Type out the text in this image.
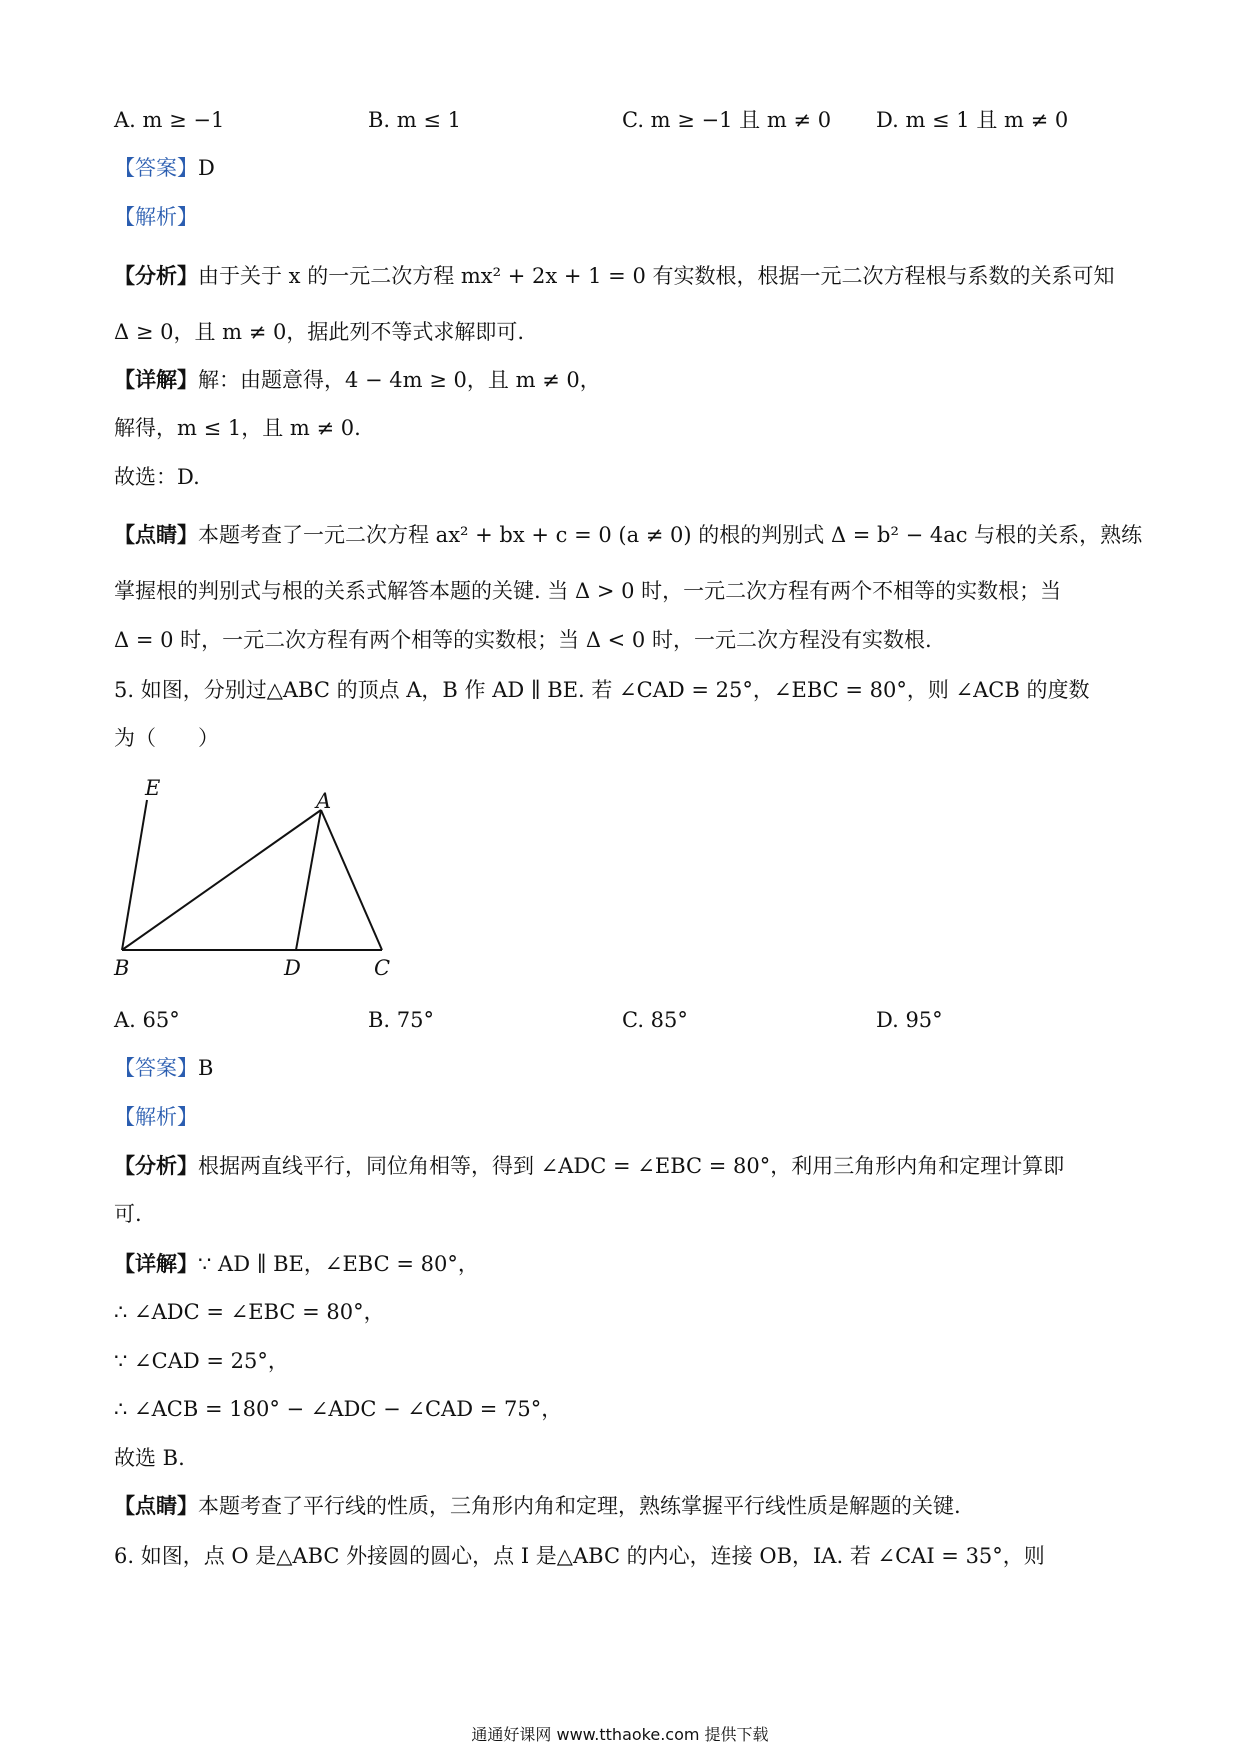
A. m ≥ −1	B. m ≤ 1	C. m ≥ −1 且 m ≠ 0 D. m ≤ 1 且 m ≠ 0
【答案】D
【解析】
【分析】由于关于 x 的一元二次方程 mx² + 2x + 1 = 0 有实数根，根据一元二次方程根与系数的关系可知
Δ ≥ 0，且 m ≠ 0，据此列不等式求解即可.
【详解】解：由题意得，4 − 4m ≥ 0，且 m ≠ 0，
解得，m ≤ 1，且 m ≠ 0.
故选：D.
【点睛】本题考查了一元二次方程 ax² + bx + c = 0 (a ≠ 0) 的根的判别式 Δ = b² − 4ac 与根的关系，熟练
掌握根的判别式与根的关系式解答本题的关键. 当 Δ > 0 时，一元二次方程有两个不相等的实数根；当
Δ = 0 时，一元二次方程有两个相等的实数根；当 Δ < 0 时，一元二次方程没有实数根.
5. 如图，分别过△ABC 的顶点 A，B 作 AD ∥ BE. 若 ∠CAD = 25°，∠EBC = 80°，则 ∠ACB 的度数
为（　　）
E
A
B	D	C
A. 65°	B. 75°	C. 85°	D. 95°
【答案】B
【解析】
【分析】根据两直线平行，同位角相等，得到 ∠ADC = ∠EBC = 80°，利用三角形内角和定理计算即
可.
【详解】∵ AD ∥ BE，∠EBC = 80°，
∴ ∠ADC = ∠EBC = 80°，
∵ ∠CAD = 25°，
∴ ∠ACB = 180° − ∠ADC − ∠CAD = 75°，
故选 B.
【点睛】本题考查了平行线的性质，三角形内角和定理，熟练掌握平行线性质是解题的关键.
6. 如图，点 O 是△ABC 外接圆的圆心，点 I 是△ABC 的内心，连接 OB，IA. 若 ∠CAI = 35°，则
通通好课网 www.tthaoke.com 提供下载
